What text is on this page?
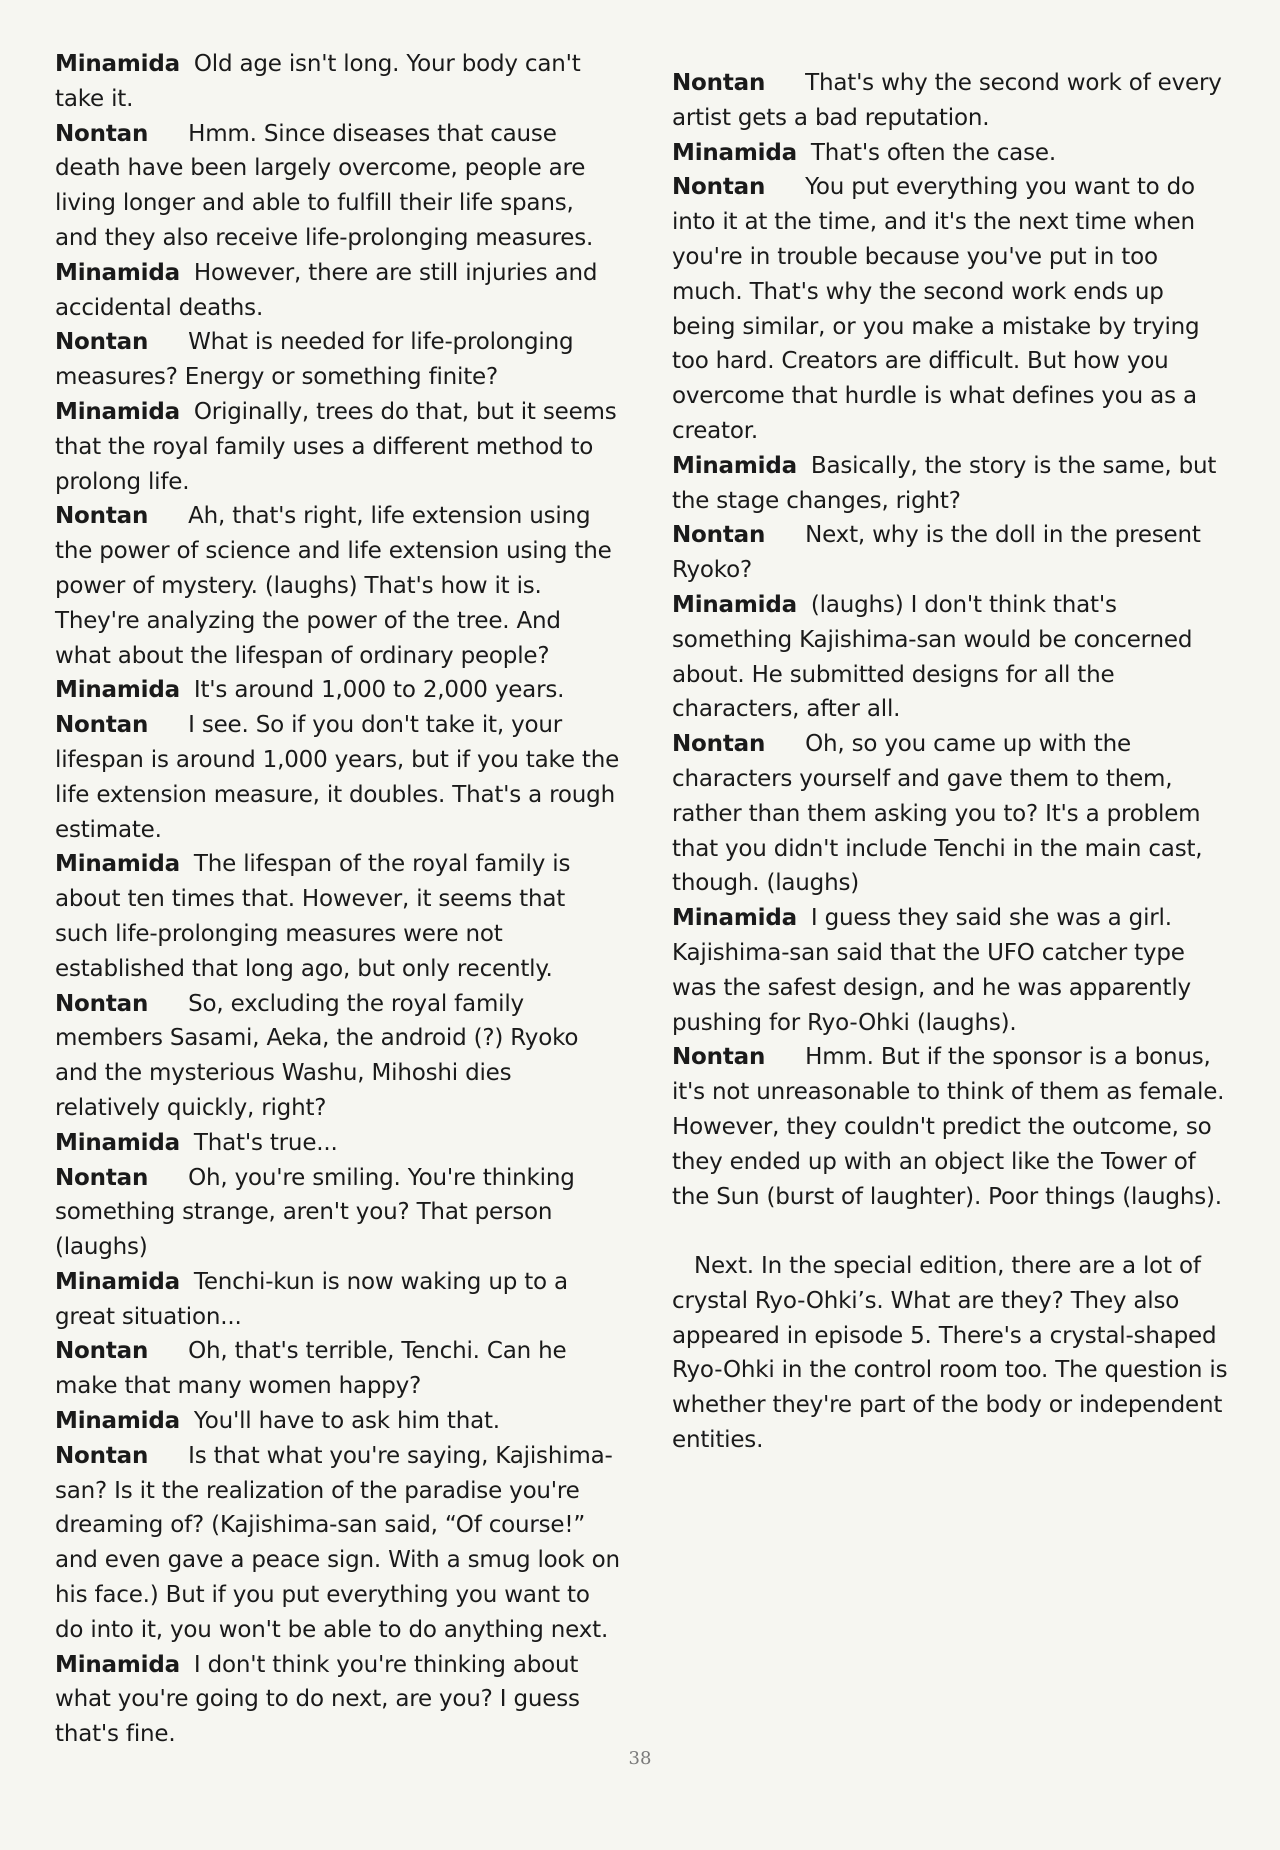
Minamida Old age isn't long. Your body can't take it.

Nontan Hmm. Since diseases that cause death have been largely overcome, people are living longer and able to fulfill their life spans, and they also receive life-prolonging measures.

Minamida However, there are still injuries and accidental deaths.

Nontan What is needed for life-prolonging measures? Energy or something finite?

Minamida Originally, trees do that, but it seems that the royal family uses a different method to prolong life.

Nontan Ah, that's right, life extension using the power of science and life extension using the power of mystery. (laughs) That's how it is. They're analyzing the power of the tree. And what about the lifespan of ordinary people?

Minamida It's around 1,000 to 2,000 years.

Nontan I see. So if you don't take it, your lifespan is around 1,000 years, but if you take the life extension measure, it doubles. That's a rough estimate.

Minamida The lifespan of the royal family is about ten times that. However, it seems that such life-prolonging measures were not established that long ago, but only recently.

Nontan So, excluding the royal family members Sasami, Aeka, the android (?) Ryoko and the mysterious Washu, Mihoshi dies relatively quickly, right?

Minamida That's true...

Nontan Oh, you're smiling. You're thinking something strange, aren't you? That person (laughs)

Minamida Tenchi-kun is now waking up to a great situation...

Nontan Oh, that's terrible, Tenchi. Can he make that many women happy?

Minamida You'll have to ask him that.

Nontan Is that what you're saying, Kajishima-san? Is it the realization of the paradise you're dreaming of? (Kajishima-san said, “Of course!” and even gave a peace sign. With a smug look on his face.) But if you put everything you want to do into it, you won't be able to do anything next.

Minamida I don't think you're thinking about what you're going to do next, are you? I guess that's fine.

Nontan That's why the second work of every artist gets a bad reputation.

Minamida That's often the case.

Nontan You put everything you want to do into it at the time, and it's the next time when you're in trouble because you've put in too much. That's why the second work ends up being similar, or you make a mistake by trying too hard. Creators are difficult. But how you overcome that hurdle is what defines you as a creator.

Minamida Basically, the story is the same, but the stage changes, right?

Nontan Next, why is the doll in the present Ryoko?

Minamida (laughs) I don't think that's something Kajishima-san would be concerned about. He submitted designs for all the characters, after all.

Nontan Oh, so you came up with the characters yourself and gave them to them, rather than them asking you to? It's a problem that you didn't include Tenchi in the main cast, though. (laughs)

Minamida I guess they said she was a girl. Kajishima-san said that the UFO catcher type was the safest design, and he was apparently pushing for Ryo-Ohki (laughs).

Nontan Hmm. But if the sponsor is a bonus, it's not unreasonable to think of them as female. However, they couldn't predict the outcome, so they ended up with an object like the Tower of the Sun (burst of laughter). Poor things (laughs).

Next. In the special edition, there are a lot of crystal Ryo-Ohki’s. What are they? They also appeared in episode 5. There's a crystal-shaped Ryo-Ohki in the control room too. The question is whether they're part of the body or independent entities.

38
